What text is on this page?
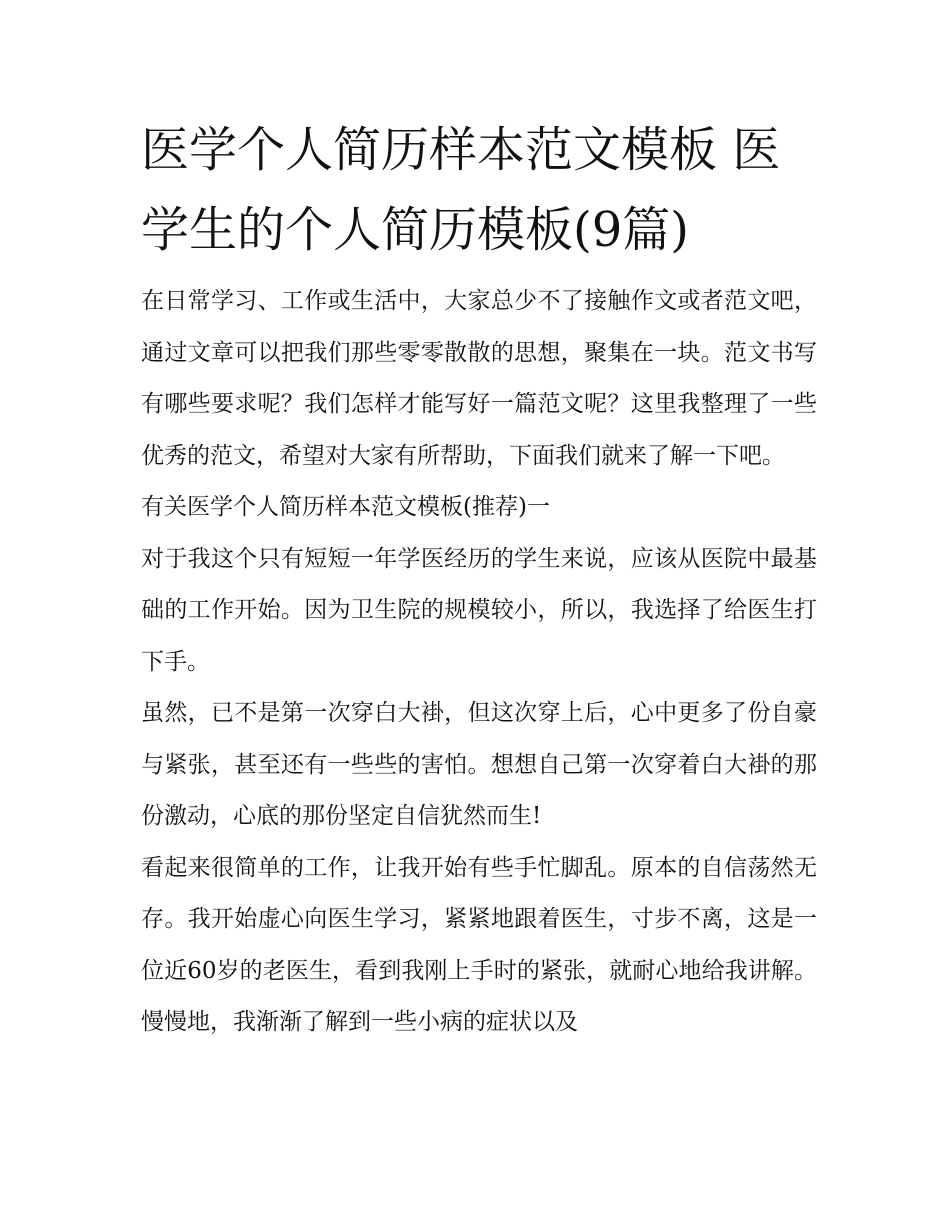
医学个人简历样本范文模板 医学生的个人简历模板(9篇)

在日常学习、工作或生活中，大家总少不了接触作文或者范文吧，通过文章可以把我们那些零零散散的思想，聚集在一块。范文书写有哪些要求呢？我们怎样才能写好一篇范文呢？这里我整理了一些优秀的范文，希望对大家有所帮助，下面我们就来了解一下吧。

有关医学个人简历样本范文模板(推荐)一

对于我这个只有短短一年学医经历的学生来说，应该从医院中最基础的工作开始。因为卫生院的规模较小，所以，我选择了给医生打下手。

虽然，已不是第一次穿白大褂，但这次穿上后，心中更多了份自豪与紧张，甚至还有一些些的害怕。想想自己第一次穿着白大褂的那份激动，心底的那份坚定自信犹然而生!

看起来很简单的工作，让我开始有些手忙脚乱。原本的自信荡然无存。我开始虚心向医生学习，紧紧地跟着医生，寸步不离，这是一位近60岁的老医生，看到我刚上手时的紧张，就耐心地给我讲解。慢慢地，我渐渐了解到一些小病的症状以及
